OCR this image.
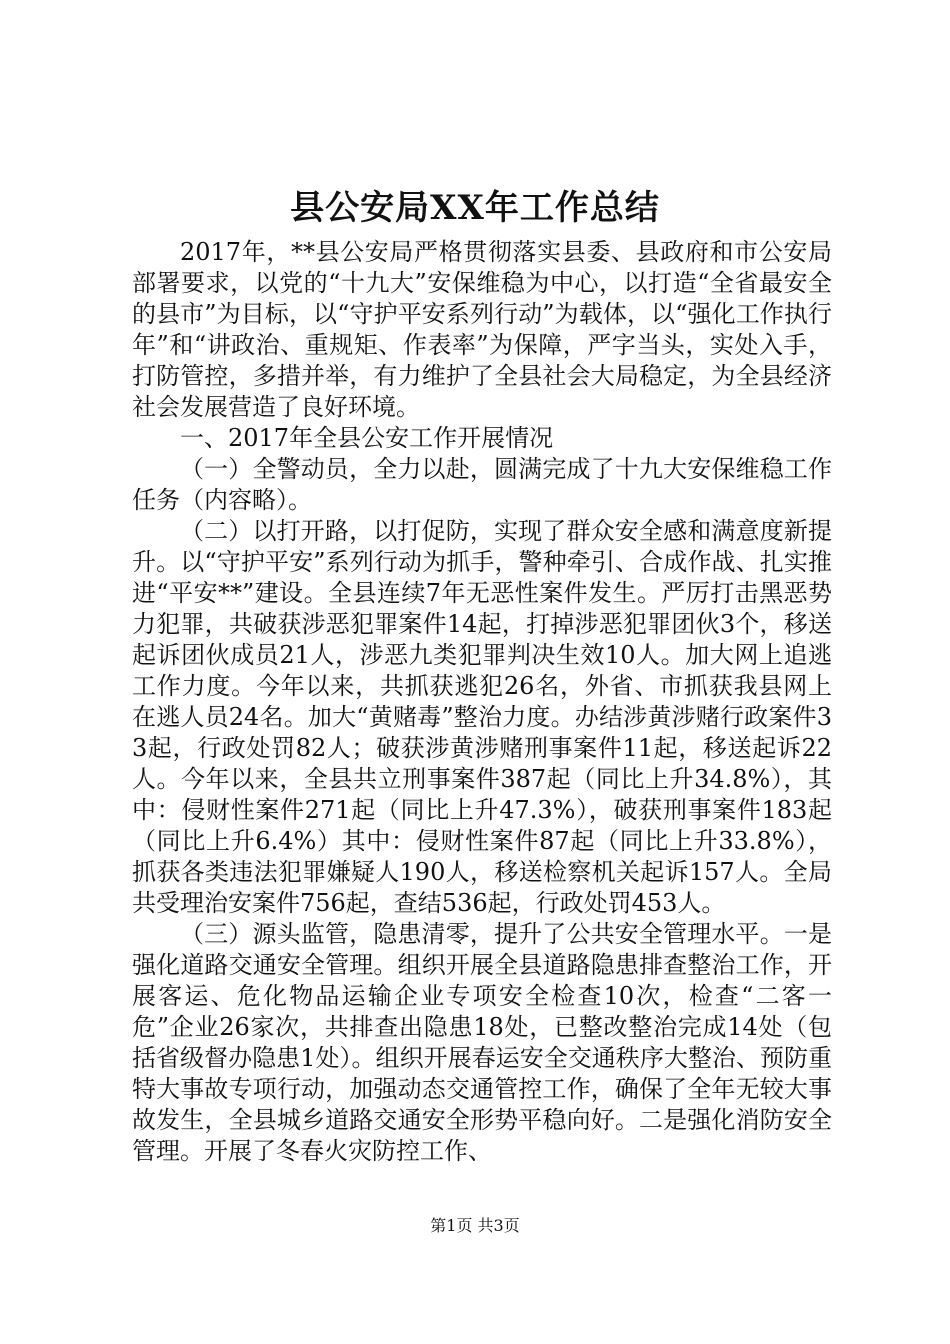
县公安局XX年工作总结

2017年，**县公安局严格贯彻落实县委、县政府和市公安局部署要求，以党的“十九大”安保维稳为中心，以打造“全省最安全的县市”为目标，以“守护平安系列行动”为载体，以“强化工作执行年”和“讲政治、重规矩、作表率”为保障，严字当头，实处入手，打防管控，多措并举，有力维护了全县社会大局稳定，为全县经济社会发展营造了良好环境。

一、2017年全县公安工作开展情况

（一）全警动员，全力以赴，圆满完成了十九大安保维稳工作任务（内容略）。

（二）以打开路，以打促防，实现了群众安全感和满意度新提升。以“守护平安”系列行动为抓手，警种牵引、合成作战、扎实推进“平安**”建设。全县连续7年无恶性案件发生。严厉打击黑恶势力犯罪，共破获涉恶犯罪案件14起，打掉涉恶犯罪团伙3个，移送起诉团伙成员21人，涉恶九类犯罪判决生效10人。加大网上追逃工作力度。今年以来，共抓获逃犯26名，外省、市抓获我县网上在逃人员24名。加大“黄赌毒”整治力度。办结涉黄涉赌行政案件33起，行政处罚82人；破获涉黄涉赌刑事案件11起，移送起诉22人。今年以来，全县共立刑事案件387起（同比上升34.8%），其中：侵财性案件271起（同比上升47.3%），破获刑事案件183起（同比上升6.4%）其中：侵财性案件87起（同比上升33.8%），抓获各类违法犯罪嫌疑人190人，移送检察机关起诉157人。全局共受理治安案件756起，查结536起，行政处罚453人。

（三）源头监管，隐患清零，提升了公共安全管理水平。一是强化道路交通安全管理。组织开展全县道路隐患排查整治工作，开展客运、危化物品运输企业专项安全检查10次，检查“二客一危”企业26家次，共排查出隐患18处，已整改整治完成14处（包括省级督办隐患1处）。组织开展春运安全交通秩序大整治、预防重特大事故专项行动，加强动态交通管控工作，确保了全年无较大事故发生，全县城乡道路交通安全形势平稳向好。二是强化消防安全管理。开展了冬春火灾防控工作、

第1页 共3页
